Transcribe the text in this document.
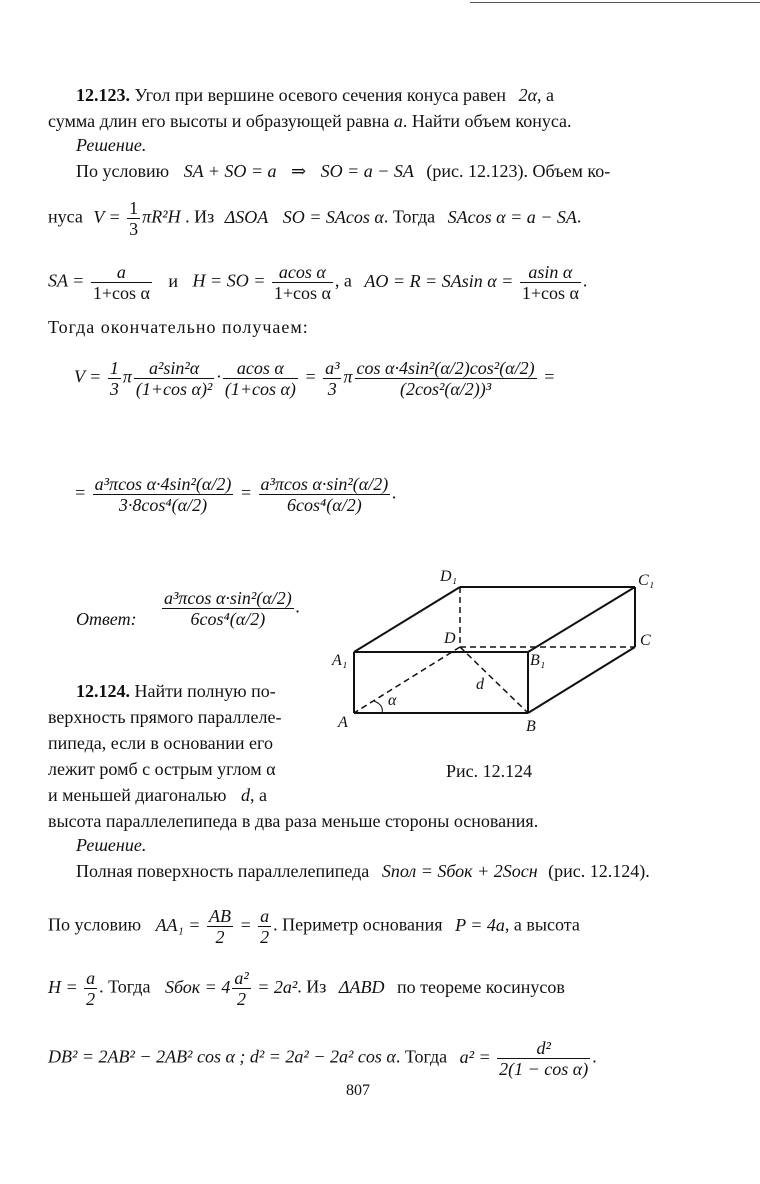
12.123. Угол при вершине осевого сечения конуса равен 2α, а
сумма длин его высоты и образующей равна a. Найти объем конуса.
Решение.
По условию SA + SO = a ⇒ SO = a − SA (рис. 12.123). Объем ко-
нуса $V = \frac{1}{3} \pi R^2H$ . Из ΔSOA SO = SAcos α. Тогда SAcos α = a − SA.
SA = $\frac{a}{\text{1+cos α}}$ и H = SO = $\frac{\text{acos α}}{\text{1+cos α}}$ , а AO = R = SAsin $\alpha = \frac{\text{asin α}}{\text{1+cos α}}$ .
Тогда окончательно получаем:
$V = \frac{1}{3}$ π $\frac{\text{a²sin²α}}{\text{(1+cos α)²}} \cdot \frac{\text{acos α}}{\text{(1+cos α)}} = \frac{\text{a³}}{3}$ π $\frac{\text{cos α·4sin²(α/2)cos²(α/2)}}{\text{(2cos²(α/2))³}}$ =
= $\frac{\text{a³πcos α·4sin²(α/2)}}{\text{3·8cos⁴(α/2)}} = \frac{\text{a³πcos α·sin²(α/2)}}{\text{6cos⁴(α/2)}}$ .
Ответ: $\frac{\text{a³πcos α·sin²(α/2)}}{\text{6cos⁴(α/2)}}$ .
D₁	C₁
D	C
A₁	B₁
A	B
d
α
Рис. 12.124
12.124. Найти полную по-
верхность прямого параллеле-
пипеда, если в основании его
лежит ромб с острым углом α
и меньшей диагональю d, а
высота параллелепипеда в два раза меньше стороны основания.
Решение.
Полная поверхность параллелепипеда Sпол = Sбок + 2Sосн (рис. 12.124).
По условию $AA_1 = \frac{AB}{2} = \frac{a}{2}$ . Периметр основания P = 4a, а высота
$H = \frac{a}{2}$ . Тогда Sбок = $4 \frac{\text{a²}}{2} = 2a^2$. Из ΔABD по теореме косинусов
DB² = 2AB² − 2AB² cos α ; d² = 2a² − 2a² cos α. Тогда $a^2 = \frac{\text{d²}}{\text{2(1 − cos α)}}$ .
807
